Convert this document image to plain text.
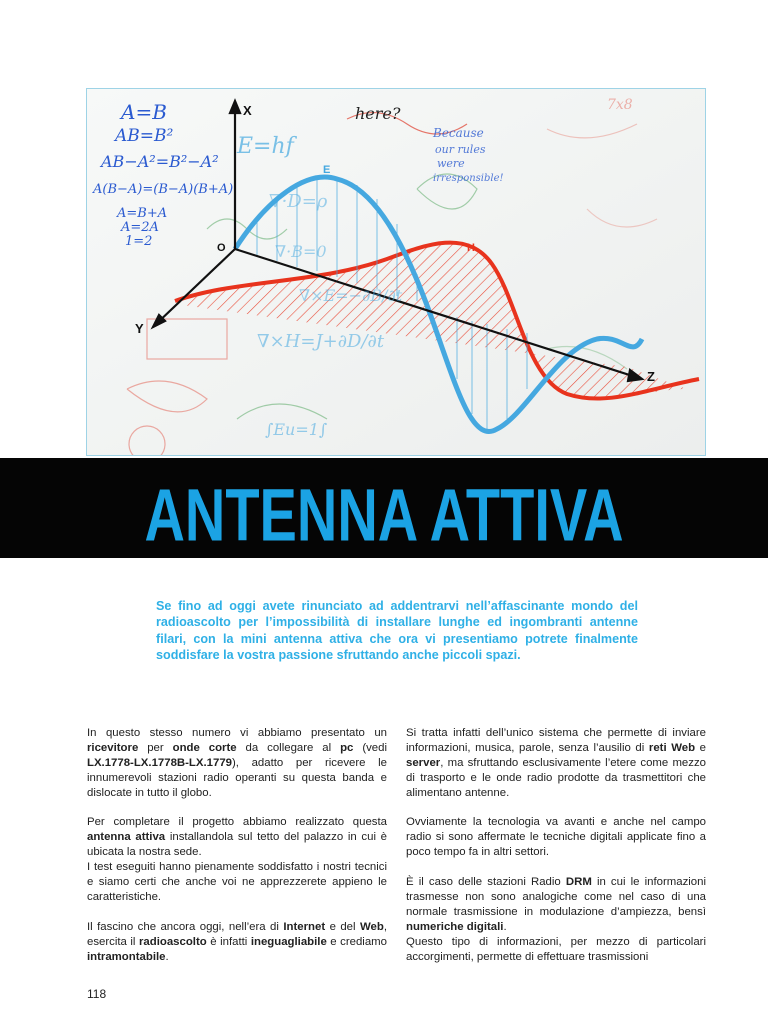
X
Y
Z
O
E
H
A=B
AB=B²
AB−A²=B²−A²
A(B−A)=(B−A)(B+A)
A=B+A
A=2A
1=2
E=hf
here?
Because
our rules
were
irresponsible!
∇·D=ρ
∇·B=0
∇×E=−∂B/∂t
∇×H=J+∂D/∂t
7x8
∫Eu=1∫
ANTENNA ATTIVA
Se fino ad oggi avete rinunciato ad addentrarvi nell’affascinante mondo del radioascolto per l’impossibilità di installare lunghe ed ingombranti antenne filari, con la mini antenna attiva che ora vi presentiamo potrete finalmente soddisfare la vostra passione sfruttando anche piccoli spazi.

In questo stesso numero vi abbiamo presentato un ricevitore per onde corte da collegare al pc (vedi LX.1778-LX.1778B-LX.1779), adatto per ricevere le innumerevoli stazioni radio operanti su questa banda e dislocate in tutto il globo.

Per completare il progetto abbiamo realizzato questa antenna attiva installandola sul tetto del palazzo in cui è ubicata la nostra sede.
I test eseguiti hanno pienamente soddisfatto i nostri tecnici e siamo certi che anche voi ne apprezzerete appieno le caratteristiche.

Il fascino che ancora oggi, nell’era di Internet e del Web, esercita il radioascolto è infatti ineguagliabile e crediamo intramontabile.

Si tratta infatti dell’unico sistema che permette di inviare informazioni, musica, parole, senza l’ausilio di reti Web e server, ma sfruttando esclusivamente l’etere come mezzo di trasporto e le onde radio prodotte da trasmettitori che alimentano antenne.

Ovviamente la tecnologia va avanti e anche nel campo radio si sono affermate le tecniche digitali applicate fino a poco tempo fa in altri settori.

È il caso delle stazioni Radio DRM in cui le informazioni trasmesse non sono analogiche come nel caso di una normale trasmissione in modulazione d’ampiezza, bensì numeriche digitali.
Questo tipo di informazioni, per mezzo di particolari accorgimenti, permette di effettuare trasmissioni

118
